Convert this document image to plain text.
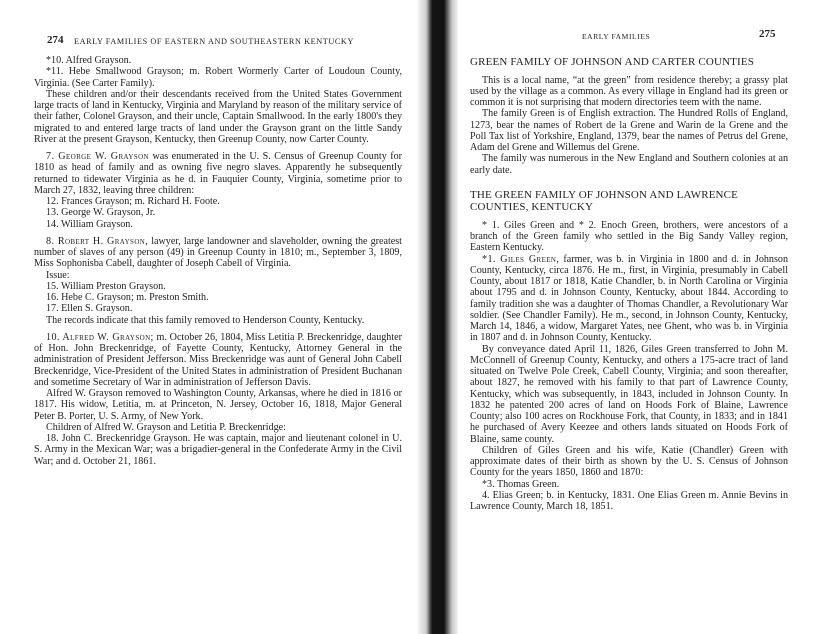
274 EARLY FAMILIES OF EASTERN AND SOUTHEASTERN KENTUCKY

*10. Alfred Grayson.

*11. Hebe Smallwood Grayson; m. Robert Wormerly Carter of Loudoun County, Virginia. (See Carter Family).

These children and/or their descendants received from the United States Government large tracts of land in Kentucky, Virginia and Maryland by reason of the military service of their father, Colonel Grayson, and their uncle, Captain Smallwood. In the early 1800's they migrated to and entered large tracts of land under the Grayson grant on the little Sandy River at the present Grayson, Kentucky, then Greenup County, now Carter County.

7. George W. Grayson was enumerated in the U. S. Census of Greenup County for 1810 as head of family and as owning five negro slaves. Apparently he subsequently returned to tidewater Virginia as he d. in Fauquier County, Virginia, sometime prior to March 27, 1832, leaving three children:

12. Frances Grayson; m. Richard H. Foote.

13. George W. Grayson, Jr.

14. William Grayson.

8. Robert H. Grayson, lawyer, large landowner and slaveholder, owning the greatest number of slaves of any person (49) in Greenup County in 1810; m., September 3, 1809, Miss Sophonisba Cabell, daughter of Joseph Cabell of Virginia.

Issue:

15. William Preston Grayson.

16. Hebe C. Grayson; m. Preston Smith.

17. Ellen S. Grayson.

The records indicate that this family removed to Henderson County, Kentucky.

10. Alfred W. Grayson; m. October 26, 1804, Miss Letitia P. Breckenridge, daughter of Hon. John Breckenridge, of Fayette County, Kentucky, Attorney General in the administration of President Jefferson. Miss Breckenridge was aunt of General John Cabell Breckenridge, Vice-President of the United States in administration of President Buchanan and sometime Secretary of War in administration of Jefferson Davis.

Alfred W. Grayson removed to Washington County, Arkansas, where he died in 1816 or 1817. His widow, Letitia, m. at Princeton, N. Jersey, October 16, 1818, Major General Peter B. Porter, U. S. Army, of New York.

Children of Alfred W. Grayson and Letitia P. Breckenridge:

18. John C. Breckenridge Grayson. He was captain, major and lieutenant colonel in U. S. Army in the Mexican War; was a brigadier-general in the Confederate Army in the Civil War; and d. October 21, 1861.

EARLY FAMILIES	275

GREEN FAMILY OF JOHNSON AND CARTER COUNTIES

This is a local name, “at the green” from residence thereby; a grassy plat used by the village as a common. As every village in England had its green or common it is not surprising that modern directories teem with the name.

The family Green is of English extraction. The Hundred Rolls of England, 1273, bear the names of Robert de la Grene and Warin de la Grene and the Poll Tax list of Yorkshire, England, 1379, bear the names of Petrus del Grene, Adam del Grene and Willemus del Grene.

The family was numerous in the New England and Southern colonies at an early date.

THE GREEN FAMILY OF JOHNSON AND LAWRENCE

COUNTIES, KENTUCKY

* 1. Giles Green and * 2. Enoch Green, brothers, were ancestors of a branch of the Green family who settled in the Big Sandy Valley region, Eastern Kentucky.

*1. Giles Green, farmer, was b. in Virginia in 1800 and d. in Johnson County, Kentucky, circa 1876. He m., first, in Virginia, presumably in Cabell County, about 1817 or 1818, Katie Chandler, b. in North Carolina or Virginia about 1795 and d. in Johnson County, Kentucky, about 1844. According to family tradition she was a daughter of Thomas Chandler, a Revolutionary War soldier. (See Chandler Family). He m., second, in Johnson County, Kentucky, March 14, 1846, a widow, Margaret Yates, nee Ghent, who was b. in Virginia in 1807 and d. in Johnson County, Kentucky.

By conveyance dated April 11, 1826, Giles Green transferred to John M. McConnell of Greenup County, Kentucky, and others a 175-acre tract of land situated on Twelve Pole Creek, Cabell County, Virginia; and soon thereafter, about 1827, he removed with his family to that part of Lawrence County, Kentucky, which was subsequently, in 1843, included in Johnson County. In 1832 he patented 200 acres of land on Hoods Fork of Blaine, Lawrence County; also 100 acres on Rockhouse Fork, that County, in 1833; and in 1841 he purchased of Avery Keezee and others lands situated on Hoods Fork of Blaine, same county.

Children of Giles Green and his wife, Katie (Chandler) Green with approximate dates of their birth as shown by the U. S. Census of Johnson County for the years 1850, 1860 and 1870:

*3. Thomas Green.

4. Elias Green; b. in Kentucky, 1831. One Elias Green m. Annie Bevins in Lawrence County, March 18, 1851.
